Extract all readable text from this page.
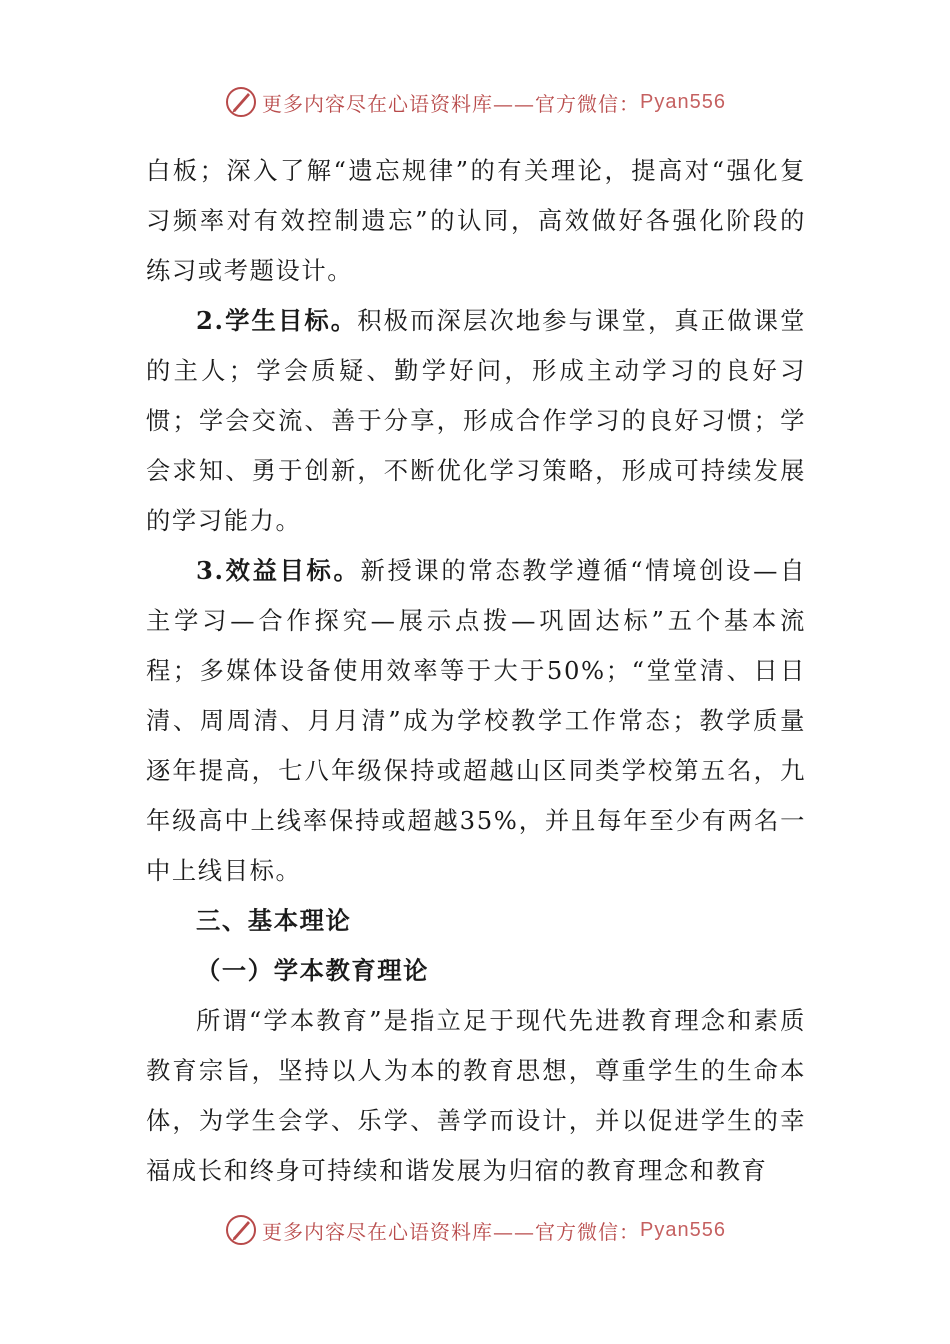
更多内容尽在心语资料库——官方微信： Pyan556

白板；深入了解“遗忘规律”的有关理论，提高对“强化复习频率对有效控制遗忘”的认同，高效做好各强化阶段的练习或考题设计。

2.学生目标。积极而深层次地参与课堂，真正做课堂的主人；学会质疑、勤学好问，形成主动学习的良好习惯；学会交流、善于分享，形成合作学习的良好习惯；学会求知、勇于创新，不断优化学习策略，形成可持续发展的学习能力。

3.效益目标。新授课的常态教学遵循“情境创设—自主学习—合作探究—展示点拨—巩固达标”五个基本流程；多媒体设备使用效率等于大于50%；“堂堂清、日日清、周周清、月月清”成为学校教学工作常态；教学质量逐年提高，七八年级保持或超越山区同类学校第五名，九年级高中上线率保持或超越35%，并且每年至少有两名一中上线目标。

三、基本理论

（一）学本教育理论

所谓“学本教育”是指立足于现代先进教育理念和素质教育宗旨，坚持以人为本的教育思想，尊重学生的生命本体，为学生会学、乐学、善学而设计，并以促进学生的幸福成长和终身可持续和谐发展为归宿的教育理念和教育

更多内容尽在心语资料库——官方微信： Pyan556
